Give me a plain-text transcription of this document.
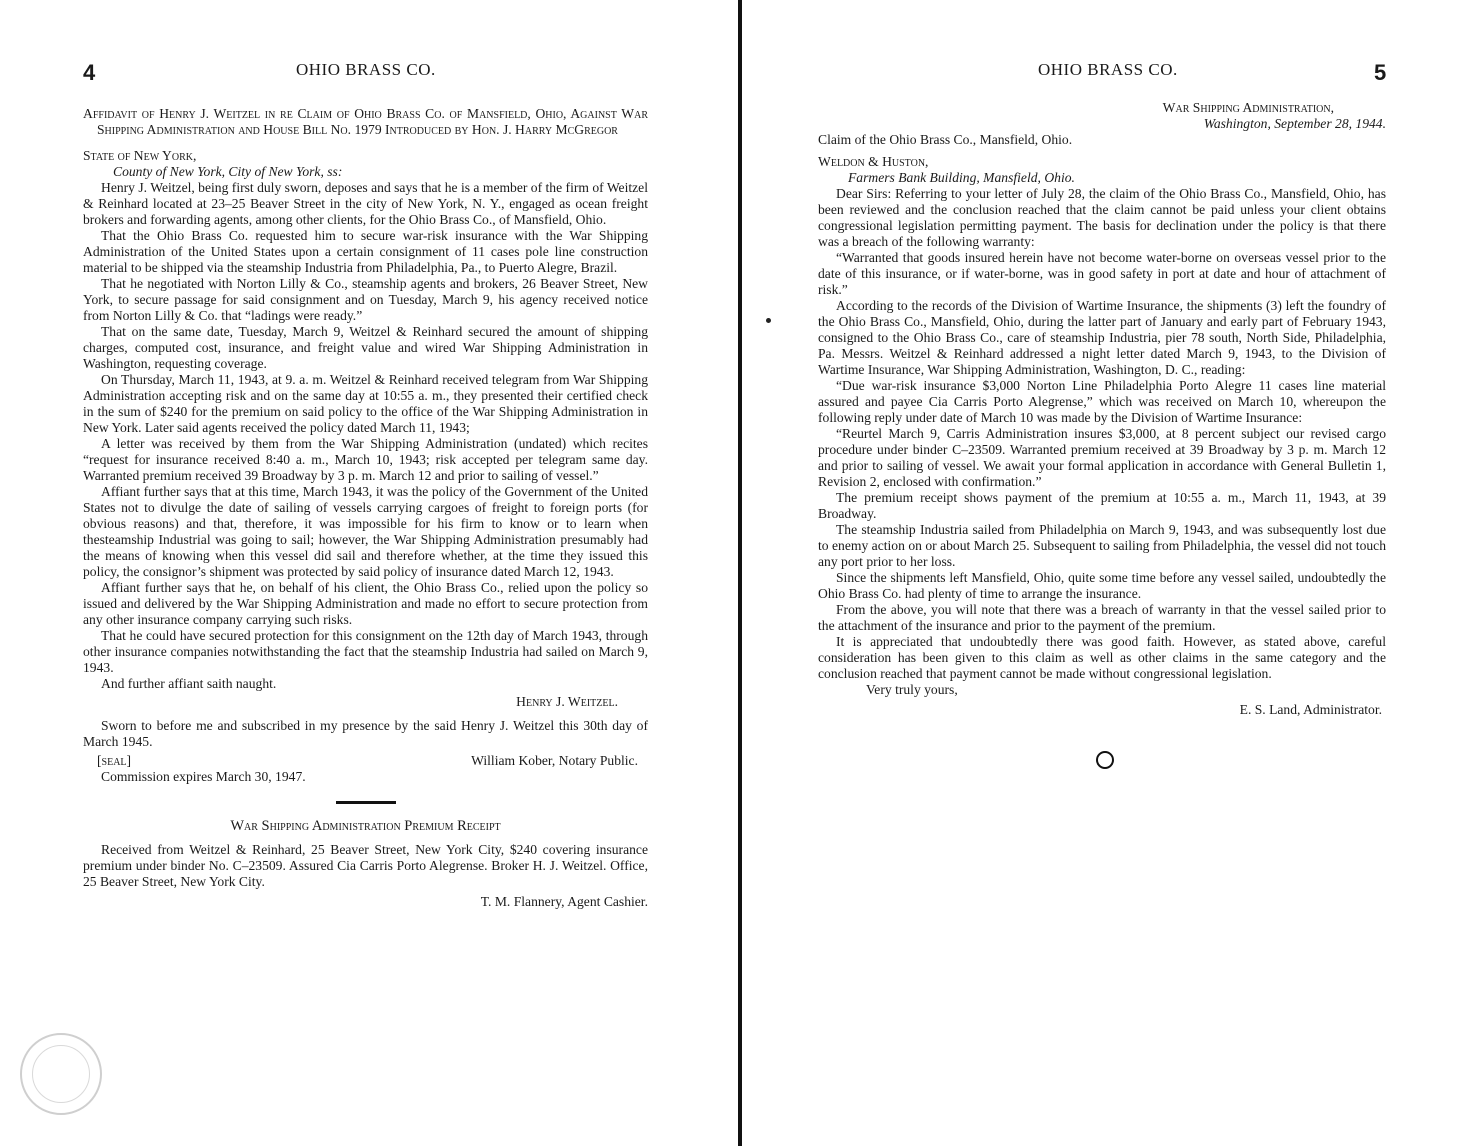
4	OHIO BRASS CO.

Affidavit of Henry J. Weitzel in re Claim of Ohio Brass Co. of Mansfield, Ohio, Against War Shipping Administration and House Bill No. 1979 Introduced by Hon. J. Harry McGregor

State of New York,

County of New York, City of New York, ss:

Henry J. Weitzel, being first duly sworn, deposes and says that he is a member of the firm of Weitzel & Reinhard located at 23–25 Beaver Street in the city of New York, N. Y., engaged as ocean freight brokers and forwarding agents, among other clients, for the Ohio Brass Co., of Mansfield, Ohio.

That the Ohio Brass Co. requested him to secure war-risk insurance with the War Shipping Administration of the United States upon a certain consignment of 11 cases pole line construction material to be shipped via the steamship Industria from Philadelphia, Pa., to Puerto Alegre, Brazil.

That he negotiated with Norton Lilly & Co., steamship agents and brokers, 26 Beaver Street, New York, to secure passage for said consignment and on Tuesday, March 9, his agency received notice from Norton Lilly & Co. that “ladings were ready.”

That on the same date, Tuesday, March 9, Weitzel & Reinhard secured the amount of shipping charges, computed cost, insurance, and freight value and wired War Shipping Administration in Washington, requesting coverage.

On Thursday, March 11, 1943, at 9. a. m. Weitzel & Reinhard received telegram from War Shipping Administration accepting risk and on the same day at 10:55 a. m., they presented their certified check in the sum of $240 for the premium on said policy to the office of the War Shipping Administration in New York. Later said agents received the policy dated March 11, 1943;

A letter was received by them from the War Shipping Administration (undated) which recites “request for insurance received 8:40 a. m., March 10, 1943; risk accepted per telegram same day. Warranted premium received 39 Broadway by 3 p. m. March 12 and prior to sailing of vessel.”

Affiant further says that at this time, March 1943, it was the policy of the Government of the United States not to divulge the date of sailing of vessels carrying cargoes of freight to foreign ports (for obvious reasons) and that, therefore, it was impossible for his firm to know or to learn when thesteamship Industrial was going to sail; however, the War Shipping Administration presumably had the means of knowing when this vessel did sail and therefore whether, at the time they issued this policy, the consignor’s shipment was protected by said policy of insurance dated March 12, 1943.

Affiant further says that he, on behalf of his client, the Ohio Brass Co., relied upon the policy so issued and delivered by the War Shipping Administration and made no effort to secure protection from any other insurance company carrying such risks.

That he could have secured protection for this consignment on the 12th day of March 1943, through other insurance companies notwithstanding the fact that the steamship Industria had sailed on March 9, 1943.

And further affiant saith naught.

Henry J. Weitzel.

Sworn to before me and subscribed in my presence by the said Henry J. Weitzel this 30th day of March 1945.

[seal]	William Kober, Notary Public.

Commission expires March 30, 1947.

War Shipping Administration Premium Receipt

Received from Weitzel & Reinhard, 25 Beaver Street, New York City, $240 covering insurance premium under binder No. C–23509. Assured Cia Carris Porto Alegrense. Broker H. J. Weitzel. Office, 25 Beaver Street, New York City.

T. M. Flannery, Agent Cashier.

OHIO BRASS CO.	5

War Shipping Administration,

Washington, September 28, 1944.

Claim of the Ohio Brass Co., Mansfield, Ohio.

Weldon & Huston,

Farmers Bank Building, Mansfield, Ohio.

Dear Sirs: Referring to your letter of July 28, the claim of the Ohio Brass Co., Mansfield, Ohio, has been reviewed and the conclusion reached that the claim cannot be paid unless your client obtains congressional legislation permitting payment. The basis for declination under the policy is that there was a breach of the following warranty:

“Warranted that goods insured herein have not become water-borne on overseas vessel prior to the date of this insurance, or if water-borne, was in good safety in port at date and hour of attachment of risk.”

According to the records of the Division of Wartime Insurance, the shipments (3) left the foundry of the Ohio Brass Co., Mansfield, Ohio, during the latter part of January and early part of February 1943, consigned to the Ohio Brass Co., care of steamship Industria, pier 78 south, North Side, Philadelphia, Pa. Messrs. Weitzel & Reinhard addressed a night letter dated March 9, 1943, to the Division of Wartime Insurance, War Shipping Administration, Washington, D. C., reading:

“Due war-risk insurance $3,000 Norton Line Philadelphia Porto Alegre 11 cases line material assured and payee Cia Carris Porto Alegrense,” which was received on March 10, whereupon the following reply under date of March 10 was made by the Division of Wartime Insurance:

“Reurtel March 9, Carris Administration insures $3,000, at 8 percent subject our revised cargo procedure under binder C–23509. Warranted premium received at 39 Broadway by 3 p. m. March 12 and prior to sailing of vessel. We await your formal application in accordance with General Bulletin 1, Revision 2, enclosed with confirmation.”

The premium receipt shows payment of the premium at 10:55 a. m., March 11, 1943, at 39 Broadway.

The steamship Industria sailed from Philadelphia on March 9, 1943, and was subsequently lost due to enemy action on or about March 25. Subsequent to sailing from Philadelphia, the vessel did not touch any port prior to her loss.

Since the shipments left Mansfield, Ohio, quite some time before any vessel sailed, undoubtedly the Ohio Brass Co. had plenty of time to arrange the insurance.

From the above, you will note that there was a breach of warranty in that the vessel sailed prior to the attachment of the insurance and prior to the payment of the premium.

It is appreciated that undoubtedly there was good faith. However, as stated above, careful consideration has been given to this claim as well as other claims in the same category and the conclusion reached that payment cannot be made without congressional legislation.

Very truly yours,

E. S. Land, Administrator.
